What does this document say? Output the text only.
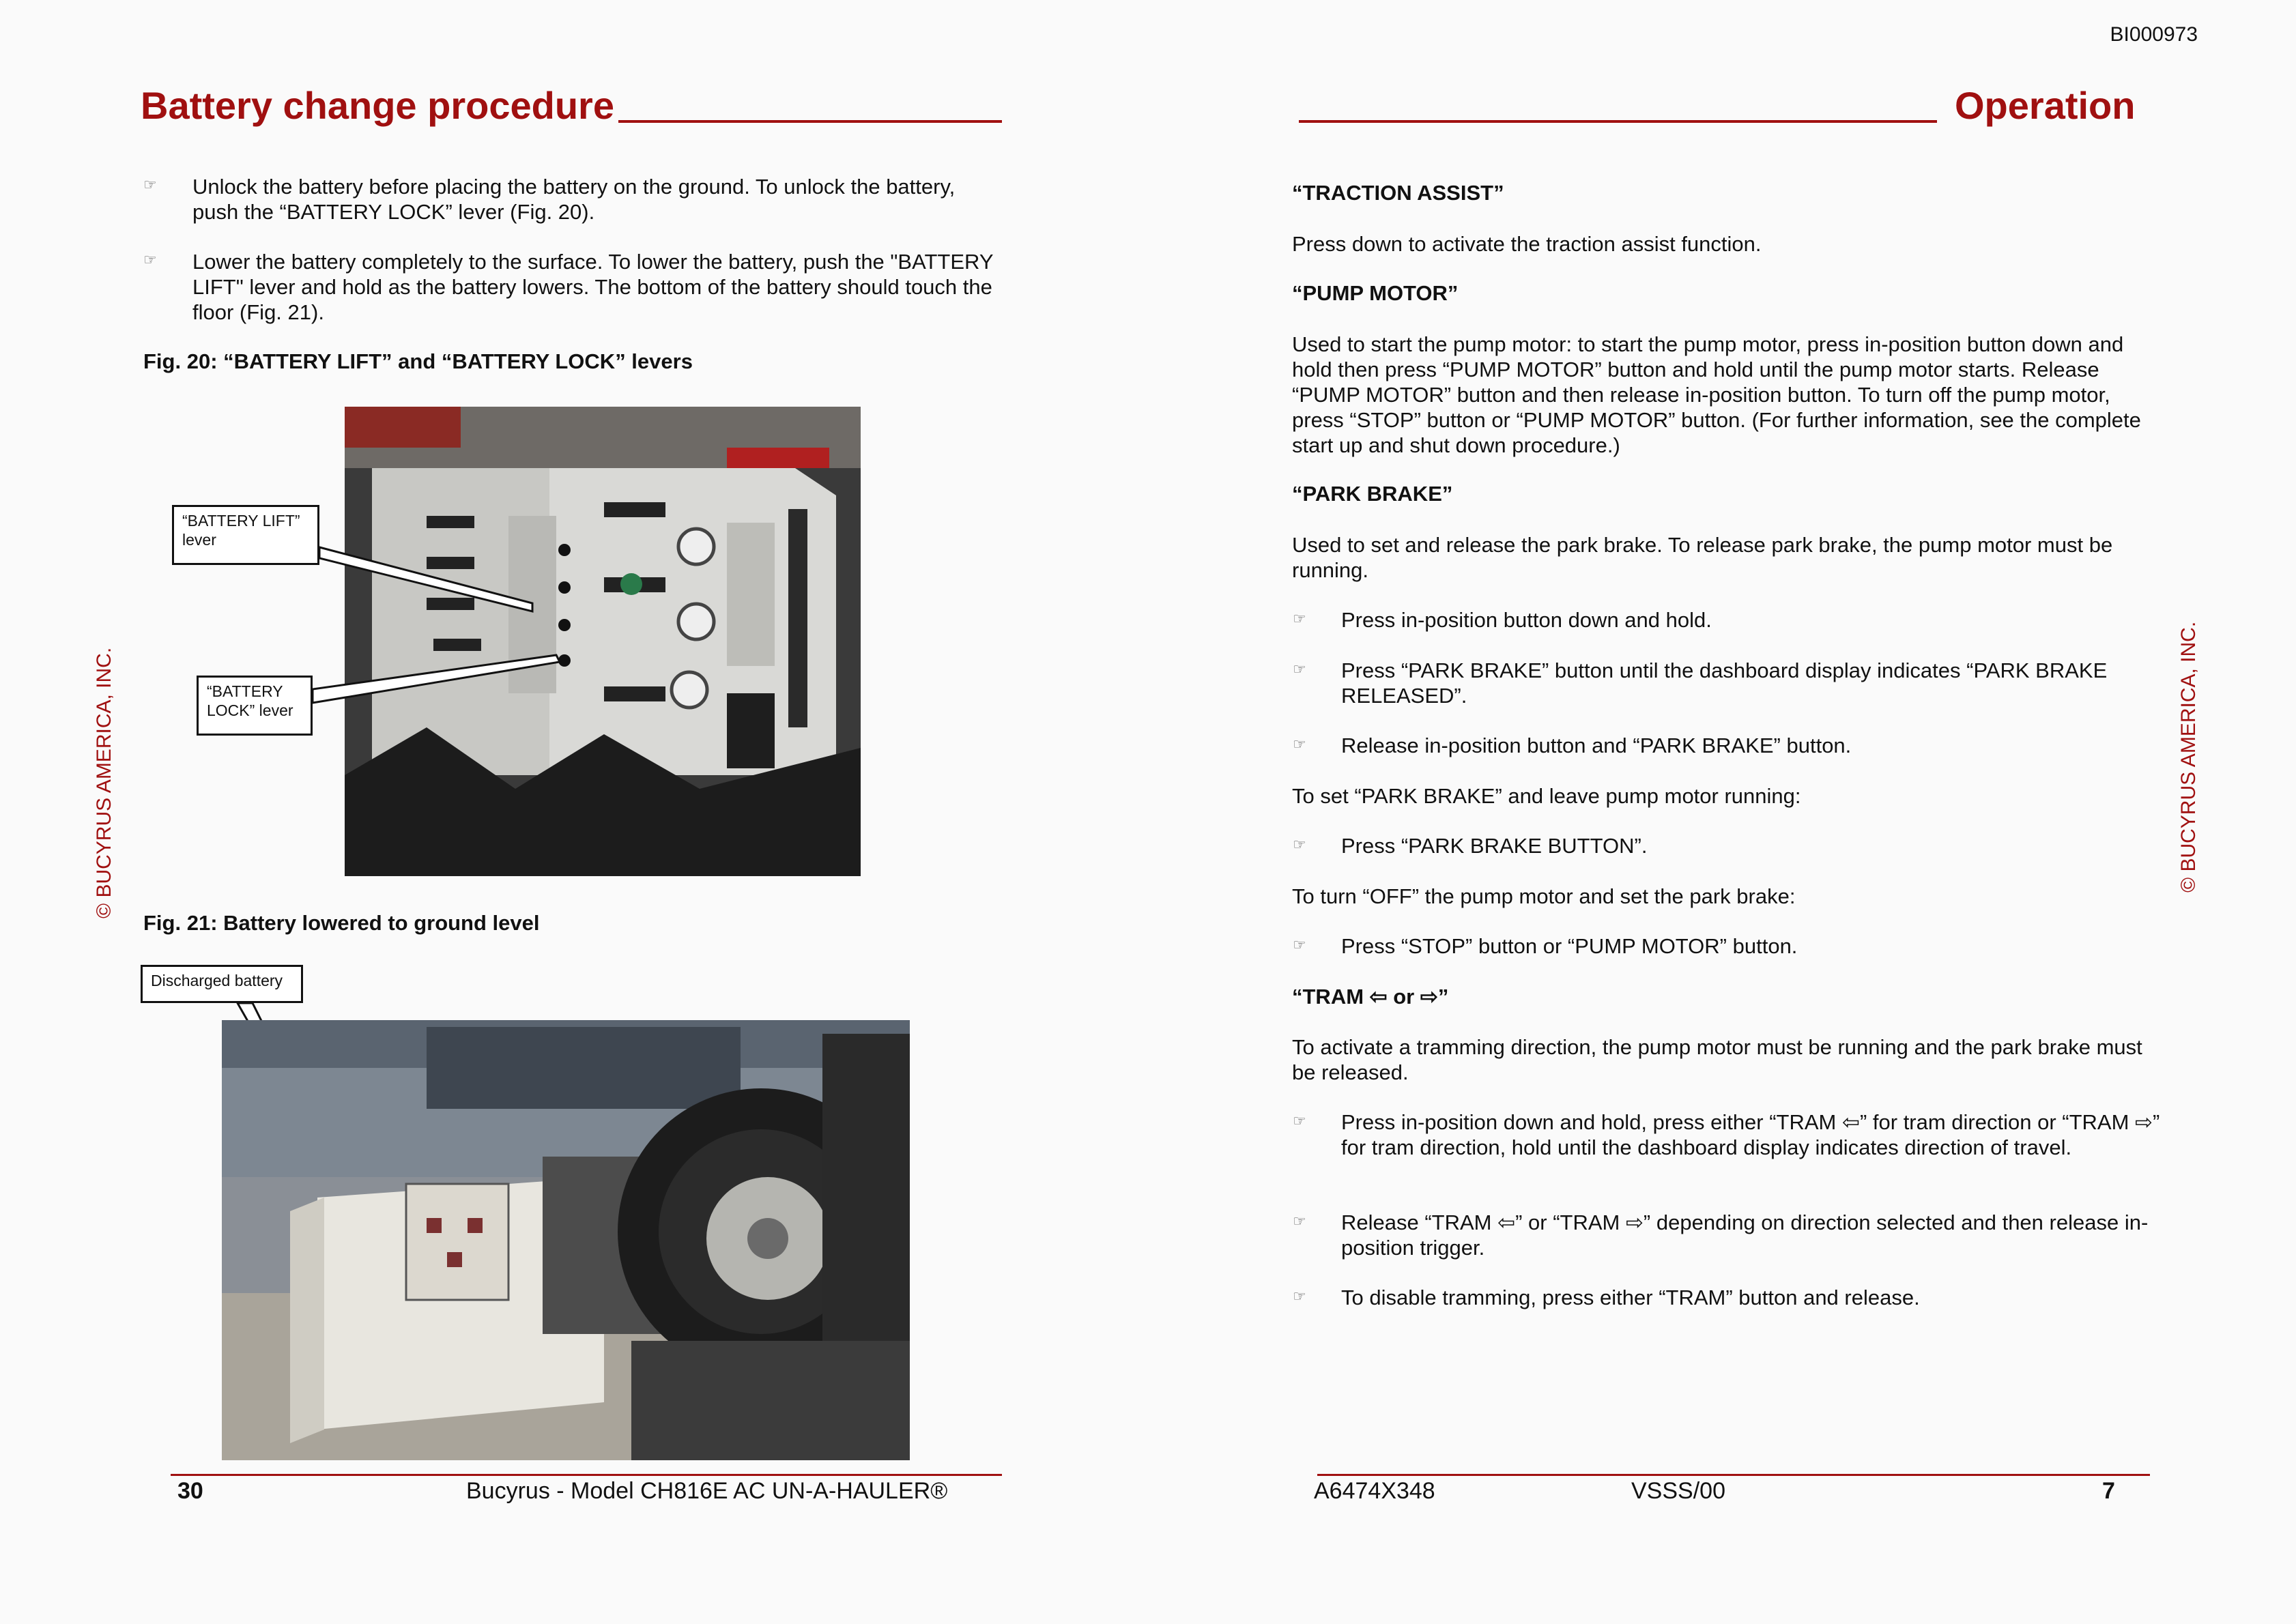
BI000973
Battery change procedure
© BUCYRUS AMERICA, INC.
☞ Unlock the battery before placing the battery on the ground. To unlock the battery, push the “BATTERY LOCK” lever (Fig. 20).

☞ Lower the battery completely to the surface. To lower the battery, push the "BATTERY LIFT" lever and hold as the battery lowers. The bottom of the battery should touch the floor (Fig. 21).

Fig. 20: “BATTERY LIFT” and “BATTERY LOCK” levers
“BATTERY LIFT” lever
“BATTERY LOCK” lever
Fig. 21: Battery lowered to ground level
Discharged battery
30	Bucyrus - Model CH816E AC UN-A-HAULER®
Operation
© BUCYRUS AMERICA, INC.
“TRACTION ASSIST”

Press down to activate the traction assist function.

“PUMP MOTOR”

Used to start the pump motor: to start the pump motor, press in-position button down and hold then press “PUMP MOTOR” button and hold until the pump motor starts. Release “PUMP MOTOR” button and then release in-position button. To turn off the pump motor, press “STOP” button or “PUMP MOTOR” button. (For further information, see the complete start up and shut down procedure.)

“PARK BRAKE”

Used to set and release the park brake. To release park brake, the pump motor must be running.

☞ Press in-position button down and hold.

☞ Press “PARK BRAKE” button until the dashboard display indicates “PARK BRAKE RELEASED”.

☞ Release in-position button and “PARK BRAKE” button.

To set “PARK BRAKE” and leave pump motor running:

☞ Press “PARK BRAKE BUTTON”.

To turn “OFF” the pump motor and set the park brake:

☞ Press “STOP” button or “PUMP MOTOR” button.

“TRAM ⇦ or ⇨”

To activate a tramming direction, the pump motor must be running and the park brake must be released.

☞ Press in-position down and hold, press either “TRAM ⇦” for tram direction or “TRAM ⇨” for tram direction, hold until the dashboard display indicates direction of travel.

☞ Release “TRAM ⇦” or “TRAM ⇨” depending on direction selected and then release in-position trigger.

☞ To disable tramming, press either “TRAM” button and release.

A6474X348	VSSS/00	7
